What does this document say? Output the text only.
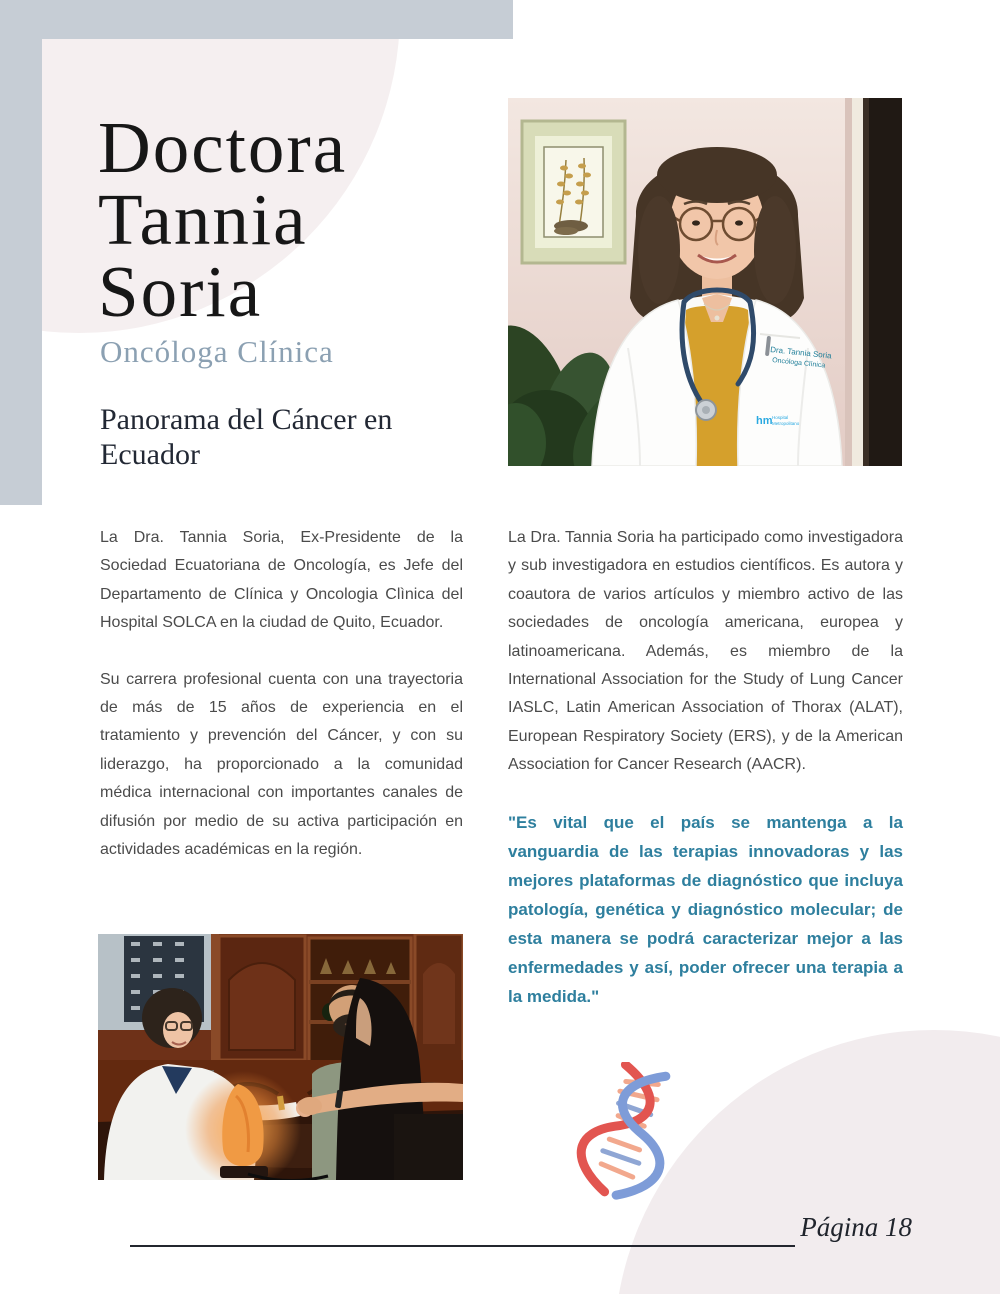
Doctora
Tannia
Soria
Oncóloga Clínica
Panorama del Cáncer en Ecuador
Dra. Tannia Soria
Oncóloga Clínica
hm Hospital
Metropolitano

La Dra. Tannia Soria, Ex-Presidente de la Sociedad Ecuatoriana de Oncología, es Jefe del Departamento de Clínica y Oncologia Clìnica del Hospital SOLCA en la ciudad de Quito, Ecuador.

Su carrera profesional cuenta con una trayectoria de más de 15 años de experiencia en el tratamiento y prevención del Cáncer, y con su liderazgo, ha proporcionado a la comunidad médica internacional con importantes canales de difusión por medio de su activa participación en actividades académicas en la región.

La Dra. Tannia Soria ha participado como investigadora y sub investigadora en estudios científicos. Es autora y coautora de varios artículos y miembro activo de las sociedades de oncología americana, europea y latinoamericana. Además, es miembro de la International Association for the Study of Lung Cancer IASLC, Latin American Association of Thorax (ALAT), European Respiratory Society (ERS), y de la American Association for Cancer Research (AACR).

"Es vital que el país se mantenga a la vanguardia de las terapias innovadoras y las mejores plataformas de diagnóstico que incluya patología, genética y diagnóstico molecular; de esta manera se podrá caracterizar mejor a las enfermedades y así, poder ofrecer una terapia a la medida."

Página 18
